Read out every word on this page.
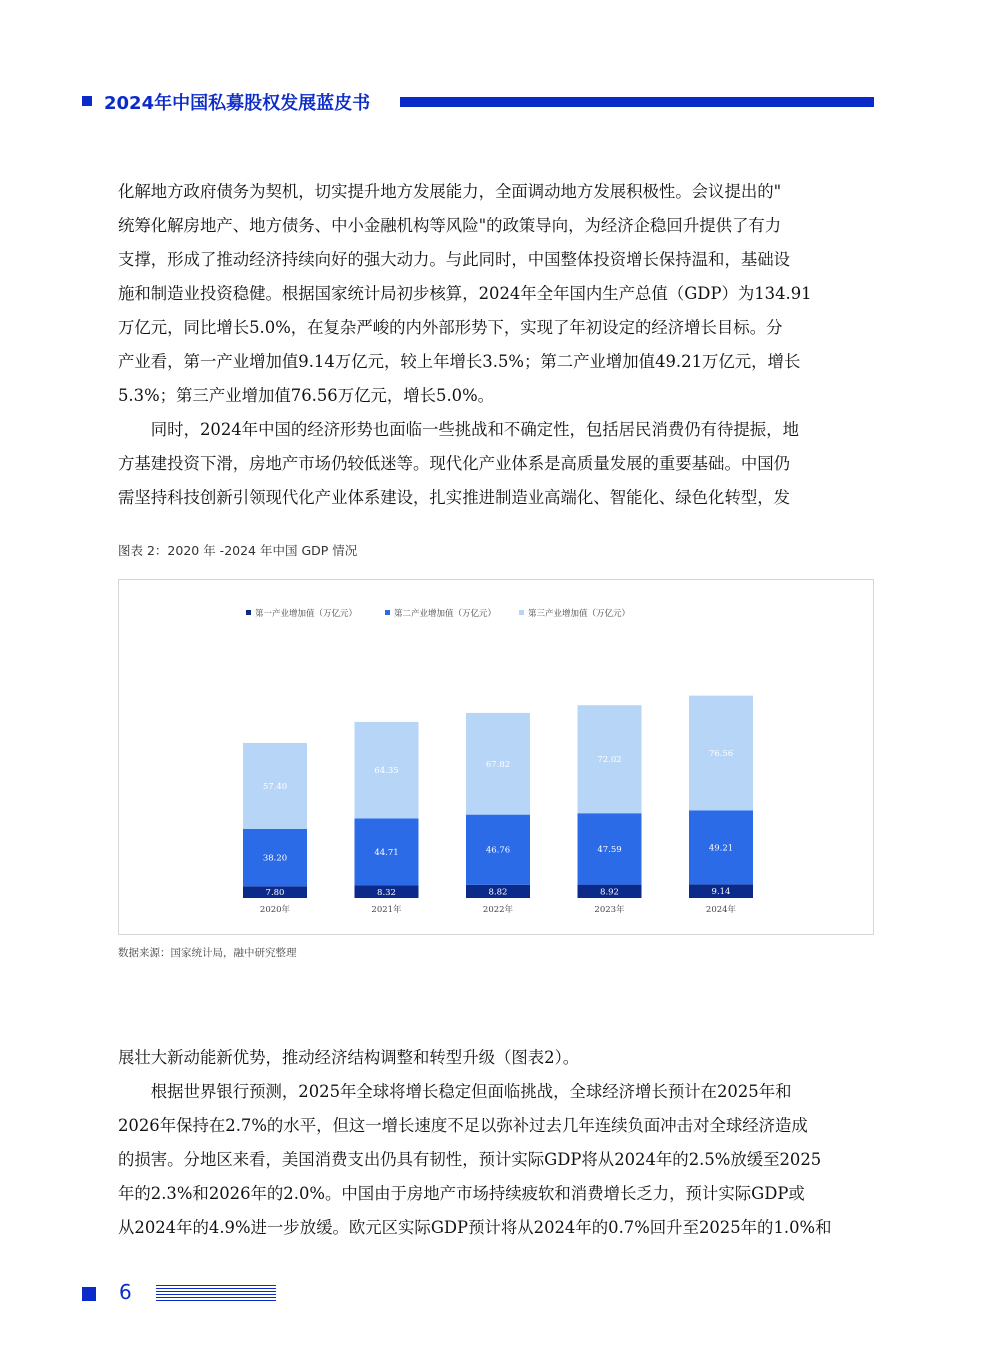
2024年中国私募股权发展蓝皮书

化解地方政府债务为契机，切实提升地方发展能力，全面调动地方发展积极性。会议提出的"

统筹化解房地产、地方债务、中小金融机构等风险"的政策导向，为经济企稳回升提供了有力

支撑，形成了推动经济持续向好的强大动力。与此同时，中国整体投资增长保持温和，基础设

施和制造业投资稳健。根据国家统计局初步核算，2024年全年国内生产总值（GDP）为134.91

万亿元，同比增长5.0%，在复杂严峻的内外部形势下，实现了年初设定的经济增长目标。分

产业看，第一产业增加值9.14万亿元，较上年增长3.5%；第二产业增加值49.21万亿元，增长

5.3%；第三产业增加值76.56万亿元，增长5.0%。

同时，2024年中国的经济形势也面临一些挑战和不确定性，包括居民消费仍有待提振，地

方基建投资下滑，房地产市场仍较低迷等。现代化产业体系是高质量发展的重要基础。中国仍

需坚持科技创新引领现代化产业体系建设，扎实推进制造业高端化、智能化、绿色化转型，发

图表 2：2020 年 -2024 年中国 GDP 情况
第一产业增加值（万亿元）	第二产业增加值（万亿元）	第三产业增加值（万亿元）
7.80
38.20
57.40
2020年
8.32
44.71
64.35
2021年
8.82
46.76
67.82
2022年
8.92
47.59
72.02
2023年
9.14
49.21
76.56
2024年
数据来源：国家统计局，融中研究整理

展壮大新动能新优势，推动经济结构调整和转型升级（图表2）。

根据世界银行预测，2025年全球将增长稳定但面临挑战，全球经济增长预计在2025年和

2026年保持在2.7%的水平，但这一增长速度不足以弥补过去几年连续负面冲击对全球经济造成

的损害。分地区来看，美国消费支出仍具有韧性，预计实际GDP将从2024年的2.5%放缓至2025

年的2.3%和2026年的2.0%。中国由于房地产市场持续疲软和消费增长乏力，预计实际GDP或

从2024年的4.9%进一步放缓。欧元区实际GDP预计将从2024年的0.7%回升至2025年的1.0%和

6
